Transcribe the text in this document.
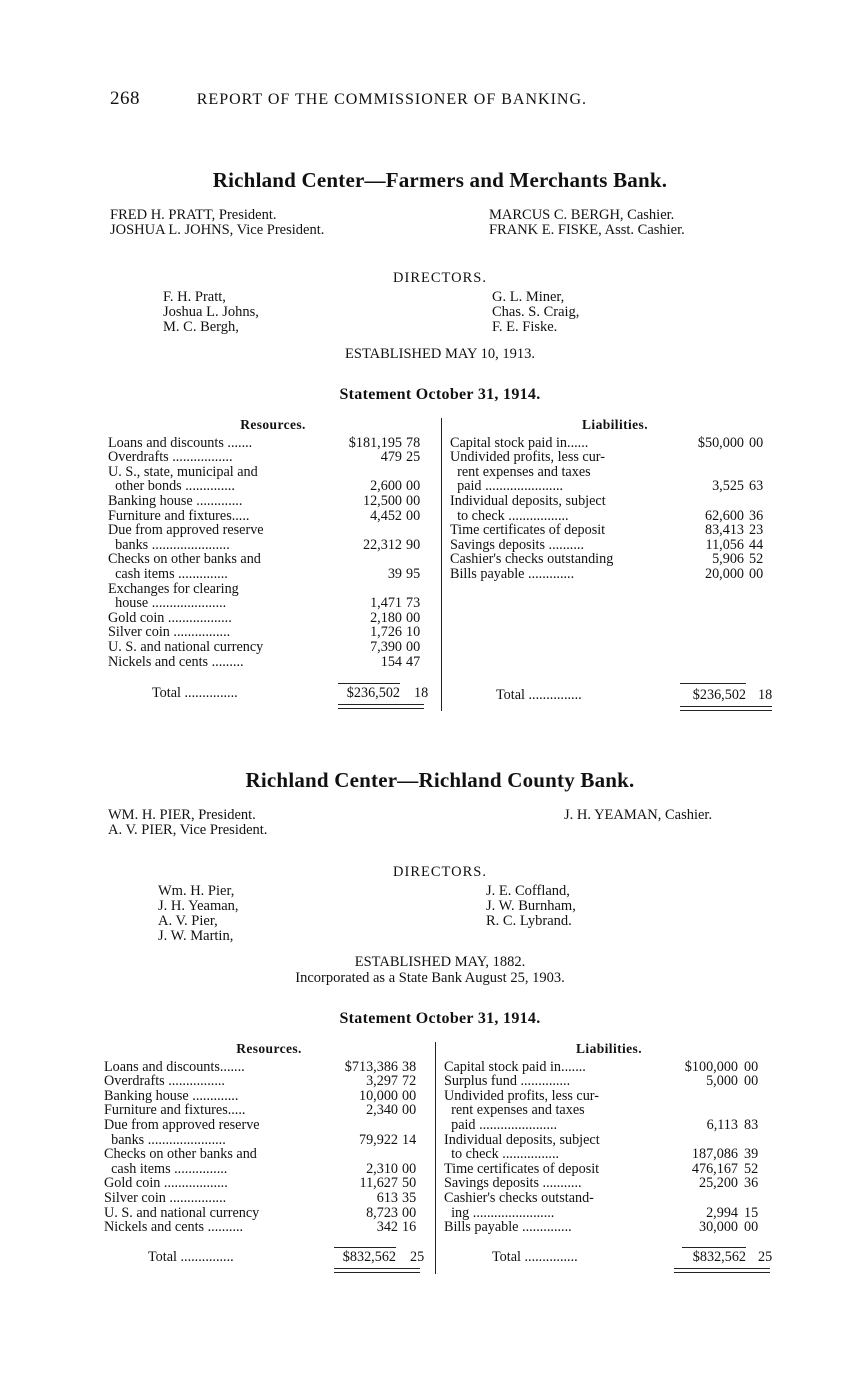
268	REPORT OF THE COMMISSIONER OF BANKING.
Richland Center—Farmers and Merchants Bank.
FRED H. PRATT, President.
JOSHUA L. JOHNS, Vice President.
MARCUS C. BERGH, Cashier.
FRANK E. FISKE, Asst. Cashier.
DIRECTORS.
F. H. Pratt,
Joshua L. Johns,
M. C. Bergh,
G. L. Miner,
Chas. S. Craig,
F. E. Fiske.
ESTABLISHED MAY 10, 1913.
Statement October 31, 1914.
Resources.
Loans and discounts .......	$181,195 78
Overdrafts .................	479 25
U. S., state, municipal and
other bonds ..............	2,600 00
Banking house .............	12,500 00
Furniture and fixtures.....	4,452 00
Due from approved reserve
banks ......................	22,312 90
Checks on other banks and
cash items ..............	39 95
Exchanges for clearing
house .....................	1,471 73
Gold coin ..................	2,180 00
Silver coin ................	1,726 10
U. S. and national currency	7,390 00
Nickels and cents .........	154 47
Liabilities.
Capital stock paid in......	$50,000 00
Undivided profits, less cur-
rent expenses and taxes
paid ......................	3,525 63
Individual deposits, subject
to check .................	62,600 36
Time certificates of deposit	83,413 23
Savings deposits ..........	11,056 44
Cashier's checks outstanding	5,906 52
Bills payable .............	20,000 00
Total ...............	$236,502 18	Total ...............	$236,502 18
Richland Center—Richland County Bank.
WM. H. PIER, President.
A. V. PIER, Vice President.
J. H. YEAMAN, Cashier.
DIRECTORS.
Wm. H. Pier,
J. H. Yeaman,
A. V. Pier,
J. W. Martin,
J. E. Coffland,
J. W. Burnham,
R. C. Lybrand.
ESTABLISHED MAY, 1882.
Incorporated as a State Bank August 25, 1903.
Statement October 31, 1914.
Resources.
Loans and discounts.......	$713,386 38
Overdrafts ................	3,297 72
Banking house .............	10,000 00
Furniture and fixtures.....	2,340 00
Due from approved reserve
banks ......................	79,922 14
Checks on other banks and
cash items ...............	2,310 00
Gold coin ..................	11,627 50
Silver coin ................	613 35
U. S. and national currency	8,723 00
Nickels and cents ..........	342 16
Liabilities.
Capital stock paid in.......	$100,000 00
Surplus fund ..............	5,000 00
Undivided profits, less cur-
rent expenses and taxes
paid ......................	6,113 83
Individual deposits, subject
to check ................	187,086 39
Time certificates of deposit	476,167 52
Savings deposits ...........	25,200 36
Cashier's checks outstand-
ing .......................	2,994 15
Bills payable ..............	30,000 00
Total ...............	$832,562 25	Total ...............	$832,562 25
